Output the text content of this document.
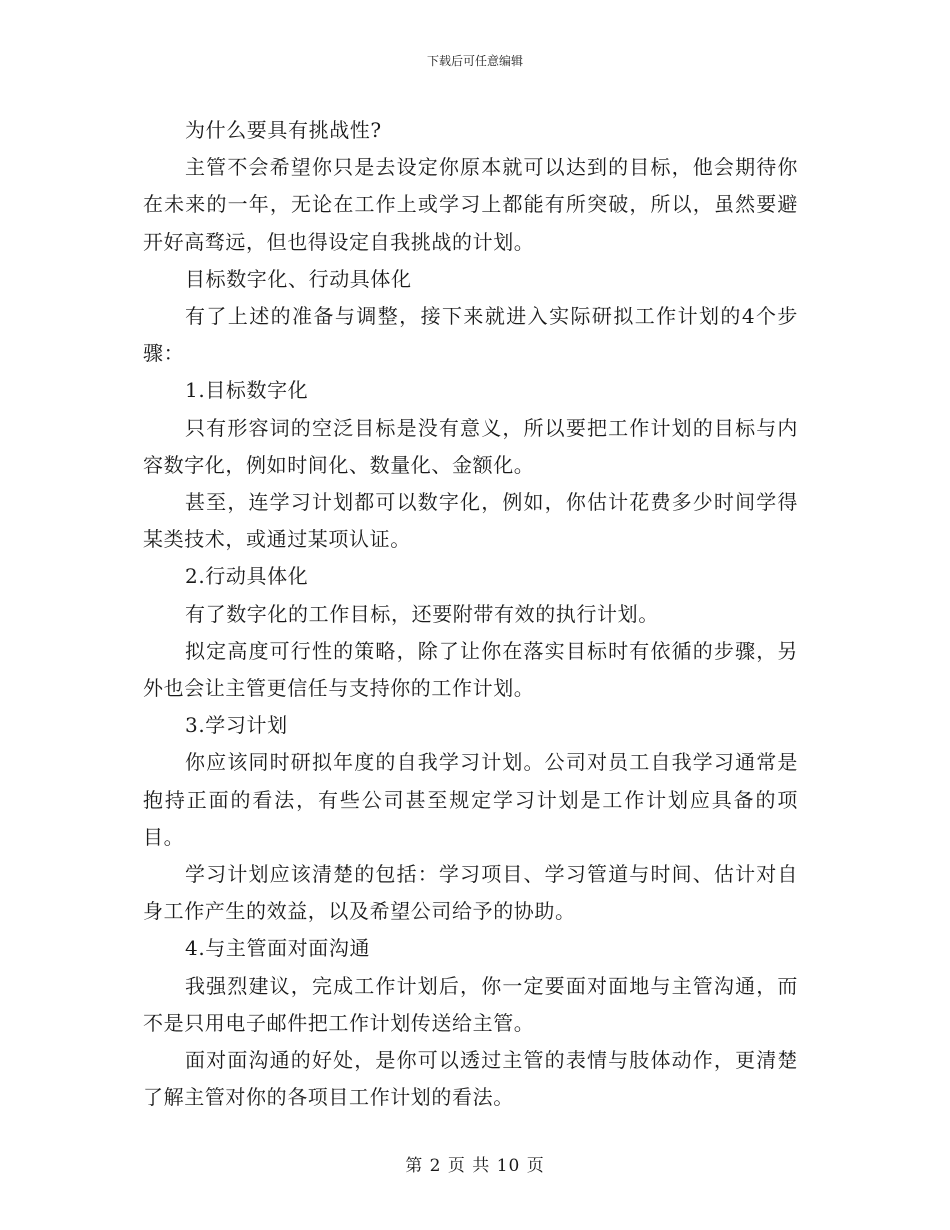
下载后可任意编辑

为什么要具有挑战性?

主管不会希望你只是去设定你原本就可以达到的目标，他会期待你在未来的一年，无论在工作上或学习上都能有所突破，所以，虽然要避开好高骛远，但也得设定自我挑战的计划。

目标数字化、行动具体化

有了上述的准备与调整，接下来就进入实际研拟工作计划的4个步骤：

1.目标数字化

只有形容词的空泛目标是没有意义，所以要把工作计划的目标与内容数字化，例如时间化、数量化、金额化。

甚至，连学习计划都可以数字化，例如，你估计花费多少时间学得某类技术，或通过某项认证。

2.行动具体化

有了数字化的工作目标，还要附带有效的执行计划。

拟定高度可行性的策略，除了让你在落实目标时有依循的步骤，另外也会让主管更信任与支持你的工作计划。

3.学习计划

你应该同时研拟年度的自我学习计划。公司对员工自我学习通常是抱持正面的看法，有些公司甚至规定学习计划是工作计划应具备的项目。

学习计划应该清楚的包括：学习项目、学习管道与时间、估计对自身工作产生的效益，以及希望公司给予的协助。

4.与主管面对面沟通

我强烈建议，完成工作计划后，你一定要面对面地与主管沟通，而不是只用电子邮件把工作计划传送给主管。

面对面沟通的好处，是你可以透过主管的表情与肢体动作，更清楚了解主管对你的各项目工作计划的看法。

第 2 页 共 10 页
